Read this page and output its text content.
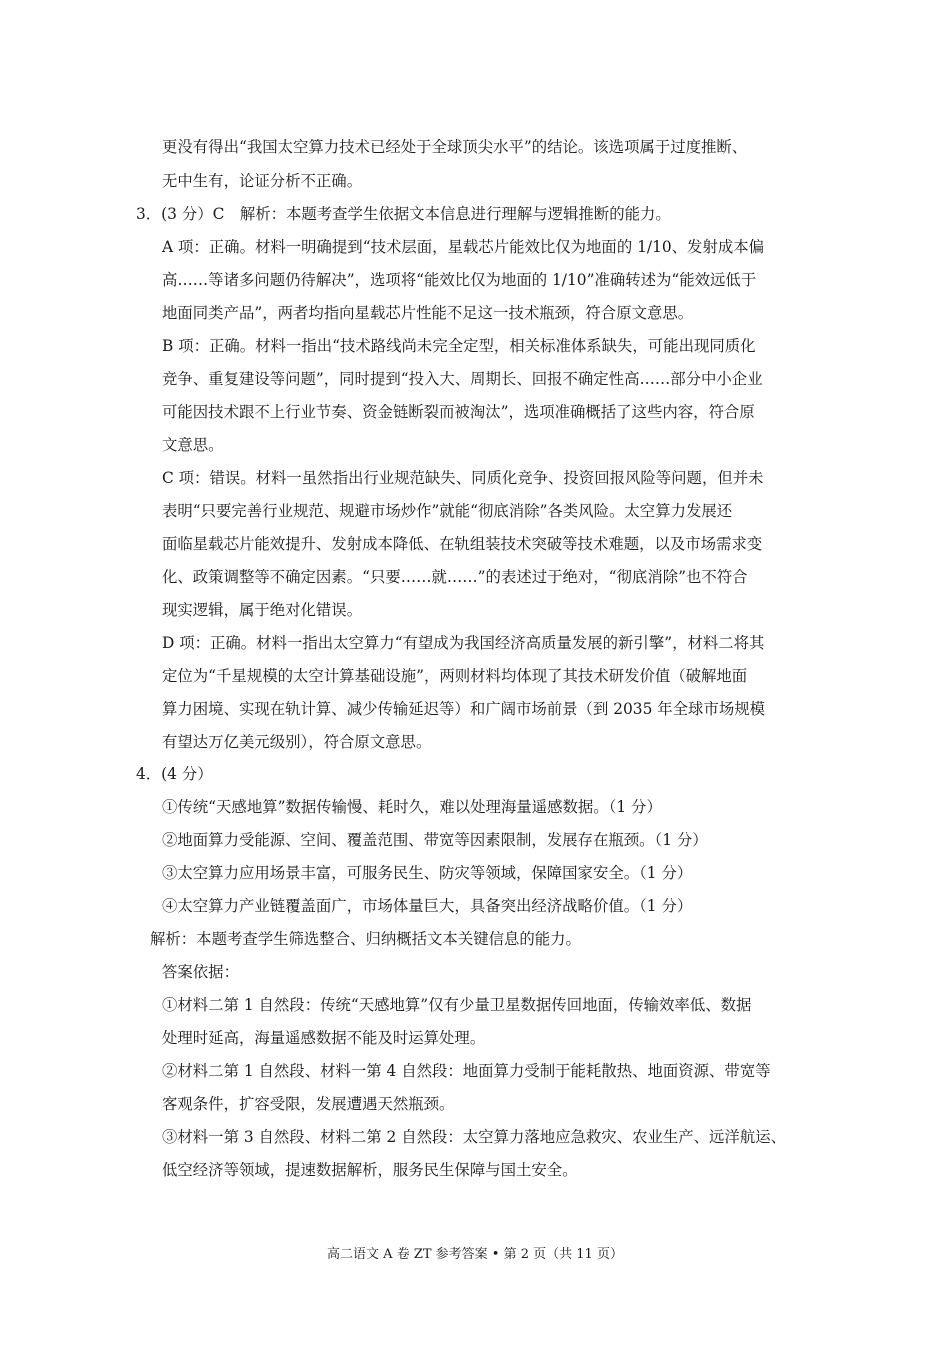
更没有得出“我国太空算力技术已经处于全球顶尖水平”的结论。该选项属于过度推断、
无中生有，论证分析不正确。
3．(3 分）C　解析：本题考查学生依据文本信息进行理解与逻辑推断的能力。
A 项：正确。材料一明确提到“技术层面，星载芯片能效比仅为地面的 1/10、发射成本偏
高……等诸多问题仍待解决”，选项将“能效比仅为地面的 1/10”准确转述为“能效远低于
地面同类产品”，两者均指向星载芯片性能不足这一技术瓶颈，符合原文意思。
B 项：正确。材料一指出“技术路线尚未完全定型，相关标准体系缺失，可能出现同质化
竞争、重复建设等问题”，同时提到“投入大、周期长、回报不确定性高……部分中小企业
可能因技术跟不上行业节奏、资金链断裂而被淘汰”，选项准确概括了这些内容，符合原
文意思。
C 项：错误。材料一虽然指出行业规范缺失、同质化竞争、投资回报风险等问题，但并未
表明“只要完善行业规范、规避市场炒作”就能“彻底消除”各类风险。太空算力发展还
面临星载芯片能效提升、发射成本降低、在轨组装技术突破等技术难题，以及市场需求变
化、政策调整等不确定因素。“只要……就……”的表述过于绝对，“彻底消除”也不符合
现实逻辑，属于绝对化错误。
D 项：正确。材料一指出太空算力“有望成为我国经济高质量发展的新引擎”，材料二将其
定位为“千星规模的太空计算基础设施”，两则材料均体现了其技术研发价值（破解地面
算力困境、实现在轨计算、减少传输延迟等）和广阔市场前景（到 2035 年全球市场规模
有望达万亿美元级别），符合原文意思。
4．(4 分）
①传统“天感地算”数据传输慢、耗时久，难以处理海量遥感数据。（1 分）
②地面算力受能源、空间、覆盖范围、带宽等因素限制，发展存在瓶颈。（1 分）
③太空算力应用场景丰富，可服务民生、防灾等领域，保障国家安全。（1 分）
④太空算力产业链覆盖面广，市场体量巨大，具备突出经济战略价值。（1 分）
解析：本题考查学生筛选整合、归纳概括文本关键信息的能力。
答案依据：
①材料二第 1 自然段：传统“天感地算”仅有少量卫星数据传回地面，传输效率低、数据
处理时延高，海量遥感数据不能及时运算处理。
②材料二第 1 自然段、材料一第 4 自然段：地面算力受制于能耗散热、地面资源、带宽等
客观条件，扩容受限，发展遭遇天然瓶颈。
③材料一第 3 自然段、材料二第 2 自然段：太空算力落地应急救灾、农业生产、远洋航运、
低空经济等领域，提速数据解析，服务民生保障与国土安全。
高二语文 A 卷 ZT 参考答案 • 第 2 页（共 11 页）
